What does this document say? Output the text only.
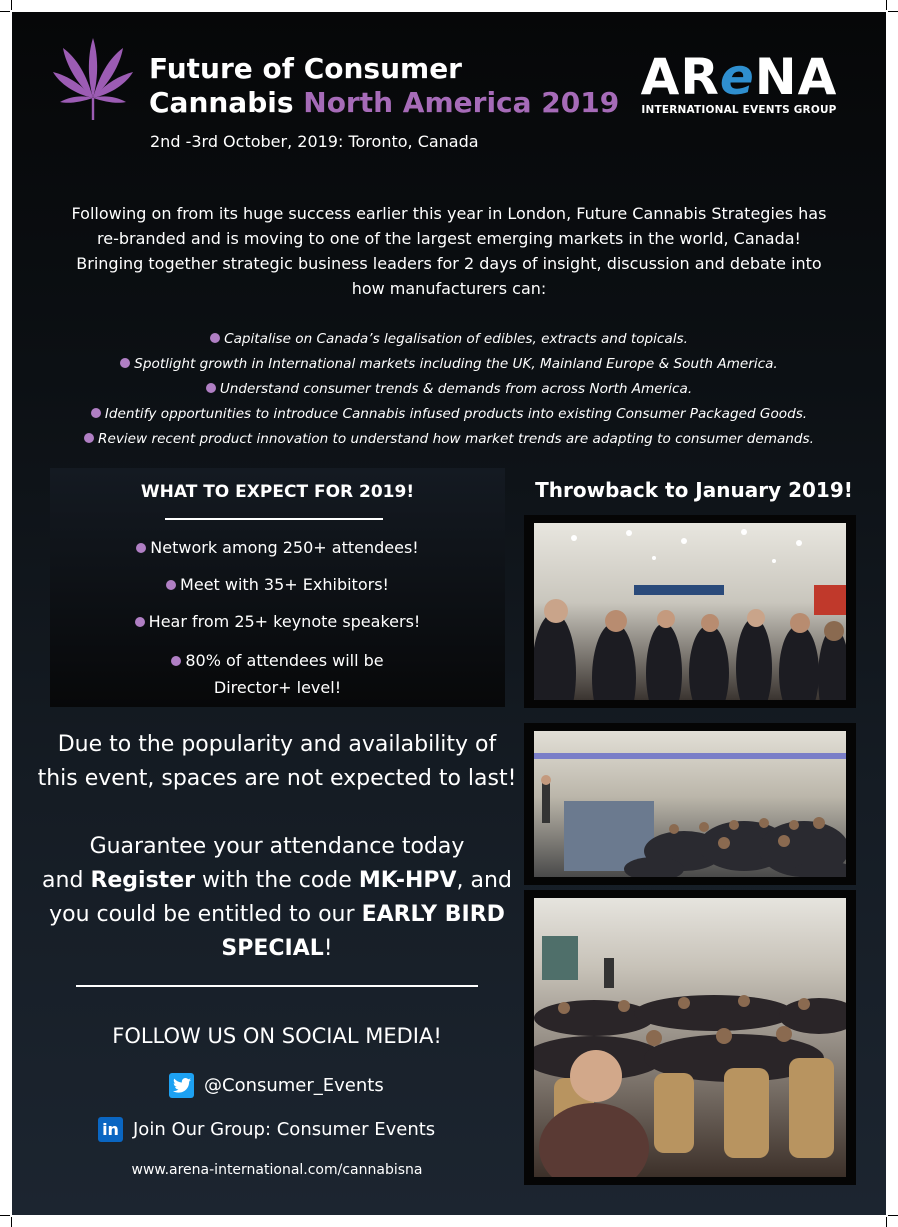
Future of Consumer
Cannabis North America 2019
2nd -3rd October, 2019: Toronto, Canada
AReNA
INTERNATIONAL EVENTS GROUP
Following on from its huge success earlier this year in London, Future Cannabis Strategies has
re-branded and is moving to one of the largest emerging markets in the world, Canada!
Bringing together strategic business leaders for 2 days of insight, discussion and debate into
how manufacturers can:
Capitalise on Canada’s legalisation of edibles, extracts and topicals.
Spotlight growth in International markets including the UK, Mainland Europe & South America.
Understand consumer trends & demands from across North America.
Identify opportunities to introduce Cannabis infused products into existing Consumer Packaged Goods.
Review recent product innovation to understand how market trends are adapting to consumer demands.
WHAT TO EXPECT FOR 2019!
Network among 250+ attendees!
Meet with 35+ Exhibitors!
Hear from 25+ keynote speakers!
80% of attendees will be
Director+ level!
Throwback to January 2019!

Due to the popularity and availability of

this event, spaces are not expected to last!

Guarantee your attendance today

and Register with the code MK-HPV, and

you could be entitled to our EARLY BIRD

SPECIAL!

FOLLOW US ON SOCIAL MEDIA!
@Consumer_Events
in Join Our Group: Consumer Events
www.arena-international.com/cannabisna
